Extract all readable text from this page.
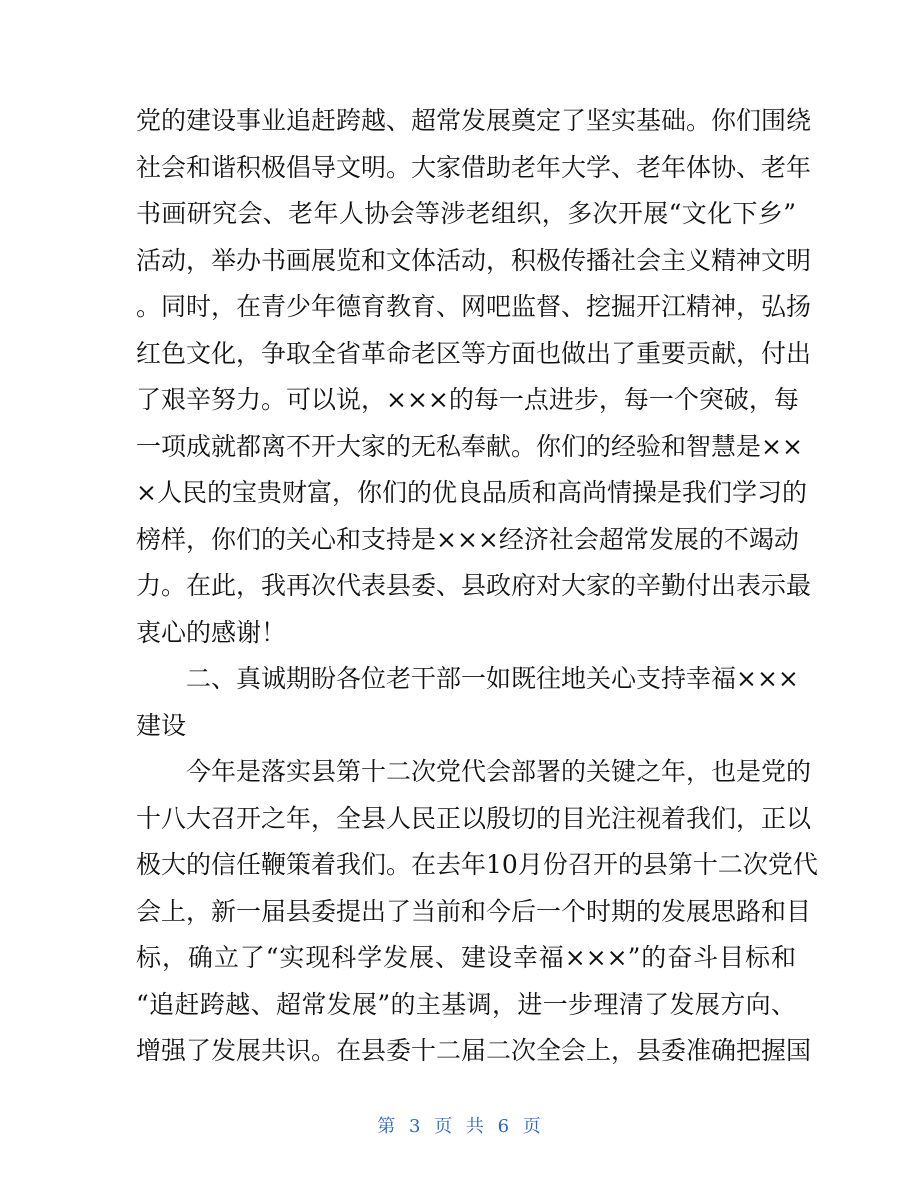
党的建设事业追赶跨越、超常发展奠定了坚实基础。你们围绕
社会和谐积极倡导文明。大家借助老年大学、老年体协、老年
书画研究会、老年人协会等涉老组织，多次开展“文化下乡”
活动，举办书画展览和文体活动，积极传播社会主义精神文明
。同时，在青少年德育教育、网吧监督、挖掘开江精神，弘扬
红色文化，争取全省革命老区等方面也做出了重要贡献，付出
了艰辛努力。可以说，×××的每一点进步，每一个突破，每
一项成就都离不开大家的无私奉献。你们的经验和智慧是××
×人民的宝贵财富，你们的优良品质和高尚情操是我们学习的
榜样，你们的关心和支持是×××经济社会超常发展的不竭动
力。在此，我再次代表县委、县政府对大家的辛勤付出表示最
衷心的感谢！
二、真诚期盼各位老干部一如既往地关心支持幸福×××
建设
今年是落实县第十二次党代会部署的关键之年，也是党的
十八大召开之年，全县人民正以殷切的目光注视着我们，正以
极大的信任鞭策着我们。在去年10月份召开的县第十二次党代
会上，新一届县委提出了当前和今后一个时期的发展思路和目
标，确立了“实现科学发展、建设幸福×××”的奋斗目标和
“追赶跨越、超常发展”的主基调，进一步理清了发展方向、
增强了发展共识。在县委十二届二次全会上，县委准确把握国
第 3 页 共 6 页
